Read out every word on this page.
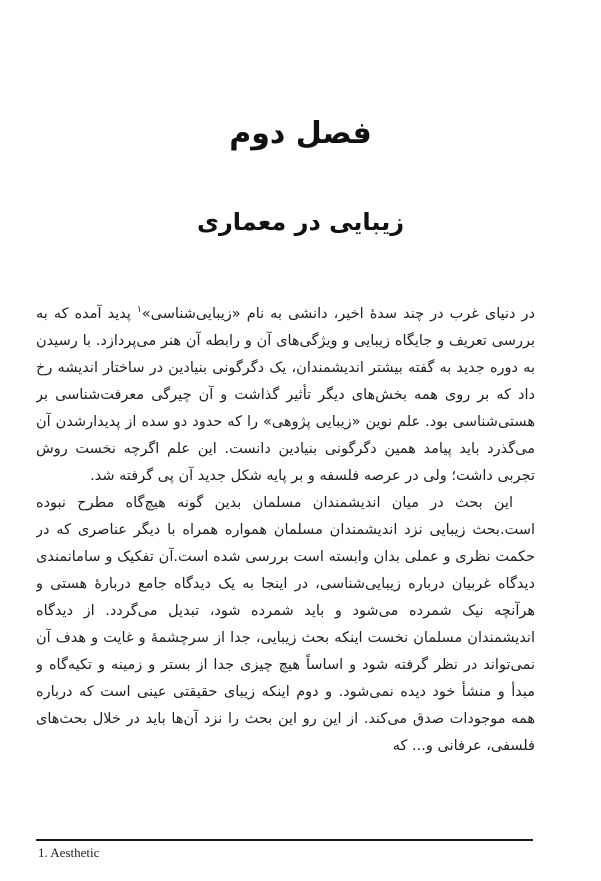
فصل دوم
زیبایی در معماری

در دنیای غرب در چند سدۀ اخیر، دانشی به نام «زیبایی‌شناسی»$^۱$ پدید آمده که به بررسی تعریف و جایگاه زیبایی و ویژگی‌های آن و رابطه آن هنر می‌پردازد. با رسیدن به دوره جدید به گفته بیشتر اندیشمندان، یک دگرگونی بنیادین در ساختار اندیشه رخ داد که بر روی همه بخش‌های دیگر تأثیر گذاشت و آن چیرگی معرفت‌شناسی بر هستی‌شناسی بود. علم نوین «زیبایی پژوهی» را که حدود دو سده از پدیدارشدن آن می‌گذرد باید پیامد همین دگرگونی بنیادین دانست. این علم اگرچه نخست روش تجربی داشت؛ ولی در عرصه فلسفه و بر پایه شکل جدید آن پی گرفته شد.

این بحث در میان اندیشمندان مسلمان بدین گونه هیچ‌گاه مطرح نبوده است.بحث زیبایی نزد اندیشمندان مسلمان همواره همراه با دیگر عناصری که در حکمت نظری و عملی بدان وابسته است بررسی شده است.آن تفکیک و سامانمندی دیدگاه غربیان درباره زیبایی‌شناسی، در اینجا به یک دیدگاه جامع دربارۀ هستی و هرآنچه نیک شمرده می‌شود و باید شمرده شود، تبدیل می‌گردد. از دیدگاه اندیشمندان مسلمان نخست اینکه بحث زیبایی، جدا از سرچشمۀ و غایت و هدف آن نمی‌تواند در نظر گرفته شود و اساساً هیچ چیزی جدا از بستر و زمینه و تکیه‌گاه و مبدأ و منشأ خود دیده نمی‌شود. و دوم اینکه زیبای حقیقتی عینی است که درباره همه موجودات صدق می‌کند. از این رو این بحث را نزد آن‌ها باید در خلال بحث‌های فلسفی، عرفانی و... که

1. Aesthetic
